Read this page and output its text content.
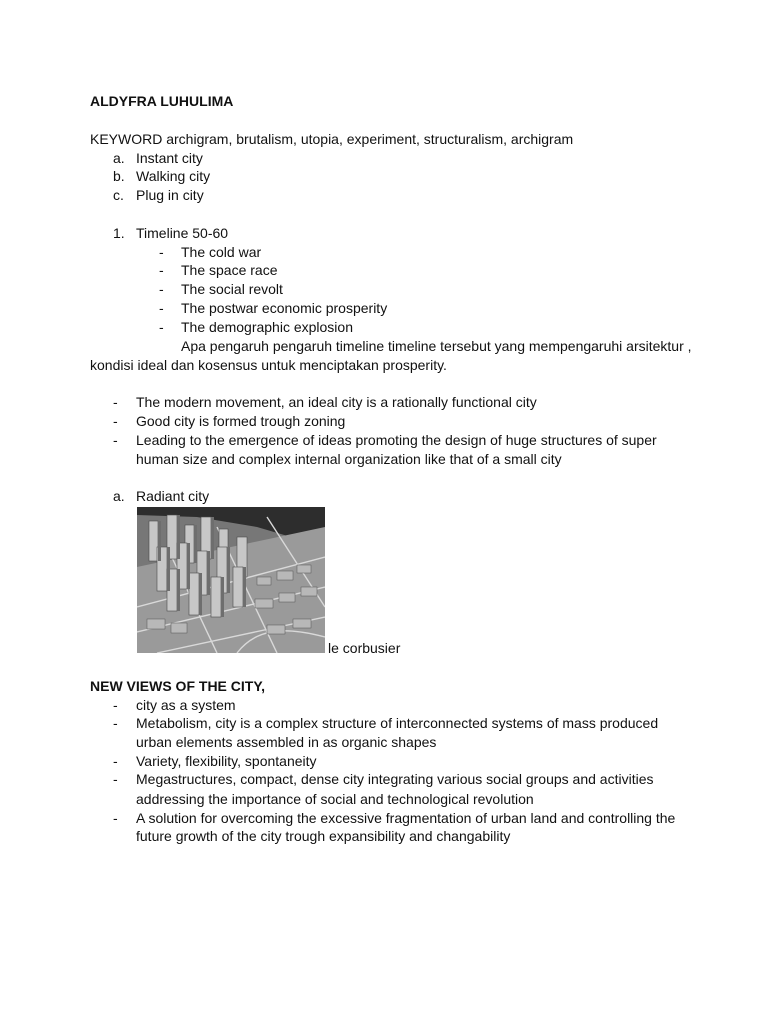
ALDYFRA LUHULIMA
KEYWORD archigram, brutalism, utopia, experiment, structuralism, archigram
a. Instant city
b. Walking city
c. Plug in city
1. Timeline 50-60
- The cold war
- The space race
- The social revolt
- The postwar economic prosperity
- The demographic explosion
Apa pengaruh pengaruh timeline timeline tersebut yang mempengaruhi arsitektur ,
kondisi ideal dan kosensus untuk menciptakan prosperity.
- The modern movement, an ideal city is a rationally functional city
- Good city is formed trough zoning
- Leading to the emergence of ideas promoting the design of huge structures of super
human size and complex internal organization like that of a small city
a. Radiant city
le corbusier
NEW VIEWS OF THE CITY,
- city as a system
- Metabolism, city is a complex structure of interconnected systems of mass produced
urban elements assembled in as organic shapes
- Variety, flexibility, spontaneity
- Megastructures, compact, dense city integrating various social groups and activities
addressing the importance of social and technological revolution
- A solution for overcoming the excessive fragmentation of urban land and controlling the
future growth of the city trough expansibility and changability
